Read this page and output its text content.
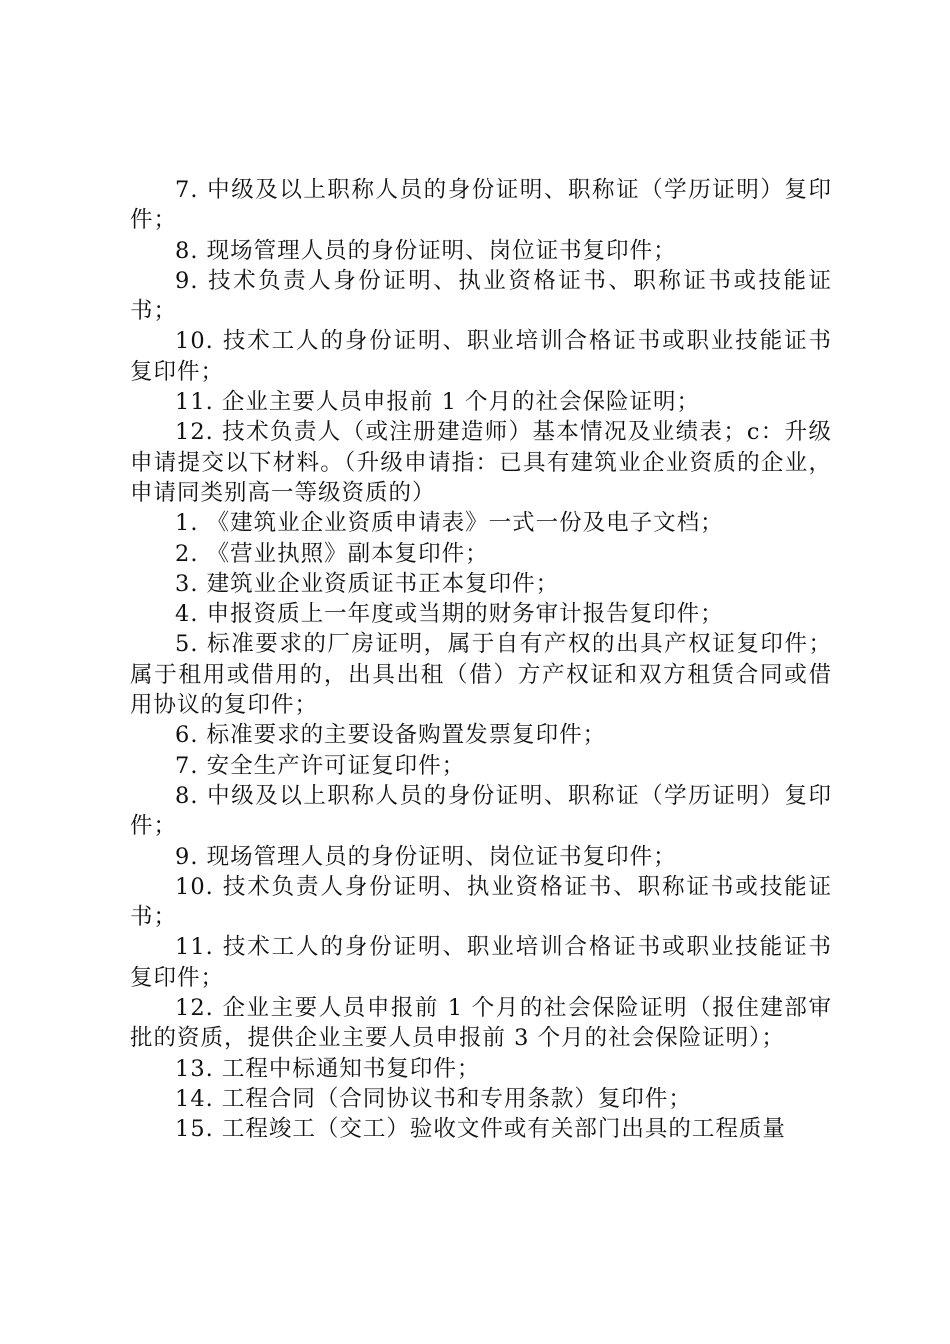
7. 中级及以上职称人员的身份证明、职称证（学历证明）复印件；

8. 现场管理人员的身份证明、岗位证书复印件；

9. 技术负责人身份证明、执业资格证书、职称证书或技能证书；

10. 技术工人的身份证明、职业培训合格证书或职业技能证书复印件；

11. 企业主要人员申报前 1 个月的社会保险证明；

12. 技术负责人（或注册建造师）基本情况及业绩表；c：升级申请提交以下材料。（升级申请指：已具有建筑业企业资质的企业，申请同类别高一等级资质的）

1. 《建筑业企业资质申请表》一式一份及电子文档；

2. 《营业执照》副本复印件；

3. 建筑业企业资质证书正本复印件；

4. 申报资质上一年度或当期的财务审计报告复印件；

5. 标准要求的厂房证明，属于自有产权的出具产权证复印件；属于租用或借用的，出具出租（借）方产权证和双方租赁合同或借用协议的复印件；

6. 标准要求的主要设备购置发票复印件；

7. 安全生产许可证复印件；

8. 中级及以上职称人员的身份证明、职称证（学历证明）复印件；

9. 现场管理人员的身份证明、岗位证书复印件；

10. 技术负责人身份证明、执业资格证书、职称证书或技能证书；

11. 技术工人的身份证明、职业培训合格证书或职业技能证书复印件；

12. 企业主要人员申报前 1 个月的社会保险证明（报住建部审批的资质，提供企业主要人员申报前 3 个月的社会保险证明）；

13. 工程中标通知书复印件；

14. 工程合同（合同协议书和专用条款）复印件；

15. 工程竣工（交工）验收文件或有关部门出具的工程质量
